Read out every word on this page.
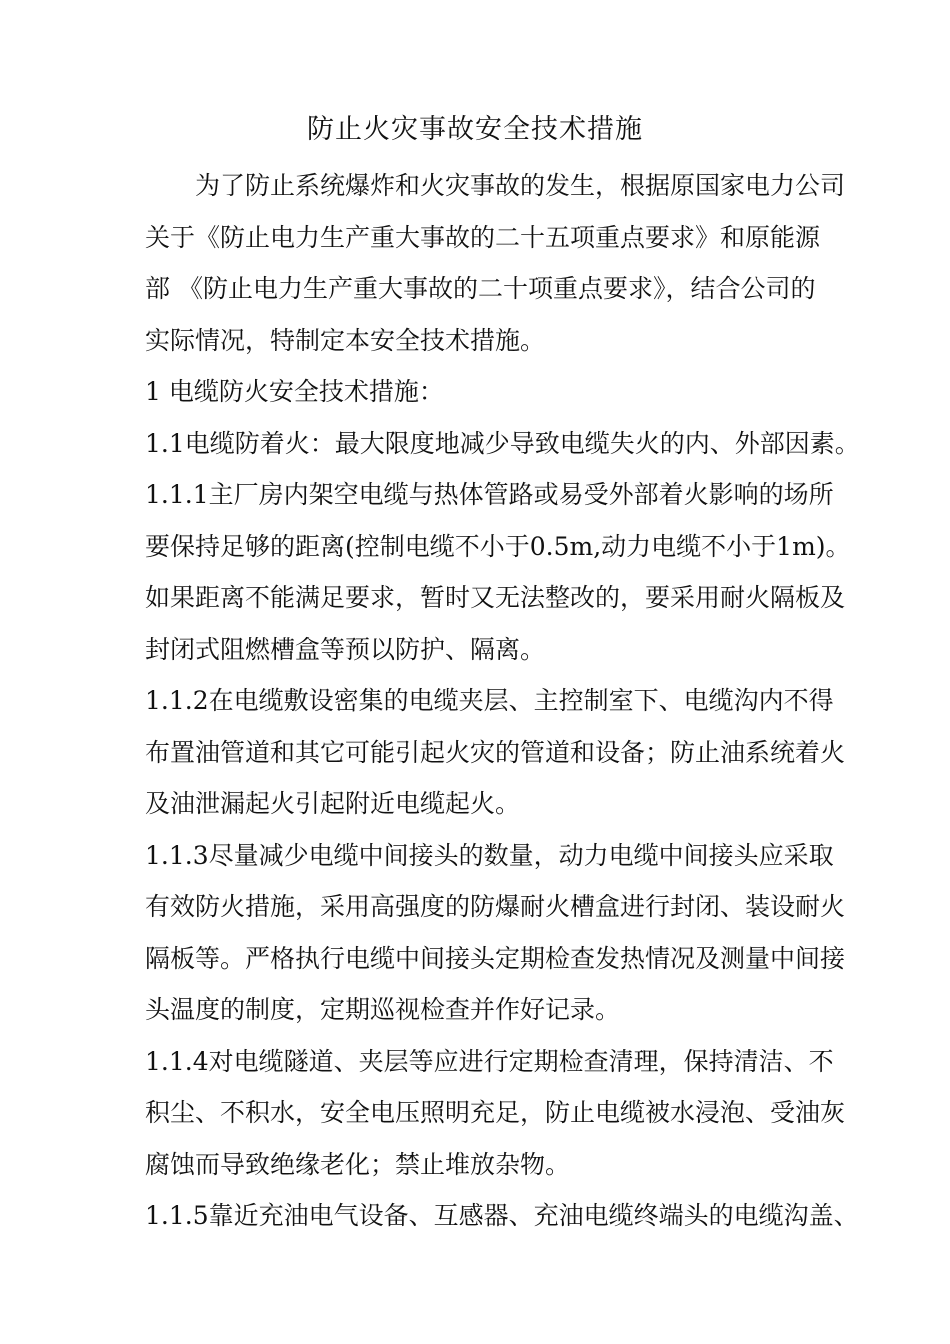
防止火灾事故安全技术措施
为了防止系统爆炸和火灾事故的发生，根据原国家电力公司
关于《防止电力生产重大事故的二十五项重点要求》和原能源
部 《防止电力生产重大事故的二十项重点要求》，结合公司的
实际情况，特制定本安全技术措施。
1 电缆防火安全技术措施：
1.1电缆防着火：最大限度地减少导致电缆失火的内、外部因素。
1.1.1主厂房内架空电缆与热体管路或易受外部着火影响的场所
要保持足够的距离(控制电缆不小于0.5m,动力电缆不小于1m)。
如果距离不能满足要求，暂时又无法整改的，要采用耐火隔板及
封闭式阻燃槽盒等预以防护、隔离。
1.1.2在电缆敷设密集的电缆夹层、主控制室下、电缆沟内不得
布置油管道和其它可能引起火灾的管道和设备；防止油系统着火
及油泄漏起火引起附近电缆起火。
1.1.3尽量减少电缆中间接头的数量，动力电缆中间接头应采取
有效防火措施，采用高强度的防爆耐火槽盒进行封闭、装设耐火
隔板等。严格执行电缆中间接头定期检查发热情况及测量中间接
头温度的制度，定期巡视检查并作好记录。
1.1.4对电缆隧道、夹层等应进行定期检查清理，保持清洁、不
积尘、不积水，安全电压照明充足，防止电缆被水浸泡、受油灰
腐蚀而导致绝缘老化；禁止堆放杂物。
1.1.5靠近充油电气设备、互感器、充油电缆终端头的电缆沟盖、
